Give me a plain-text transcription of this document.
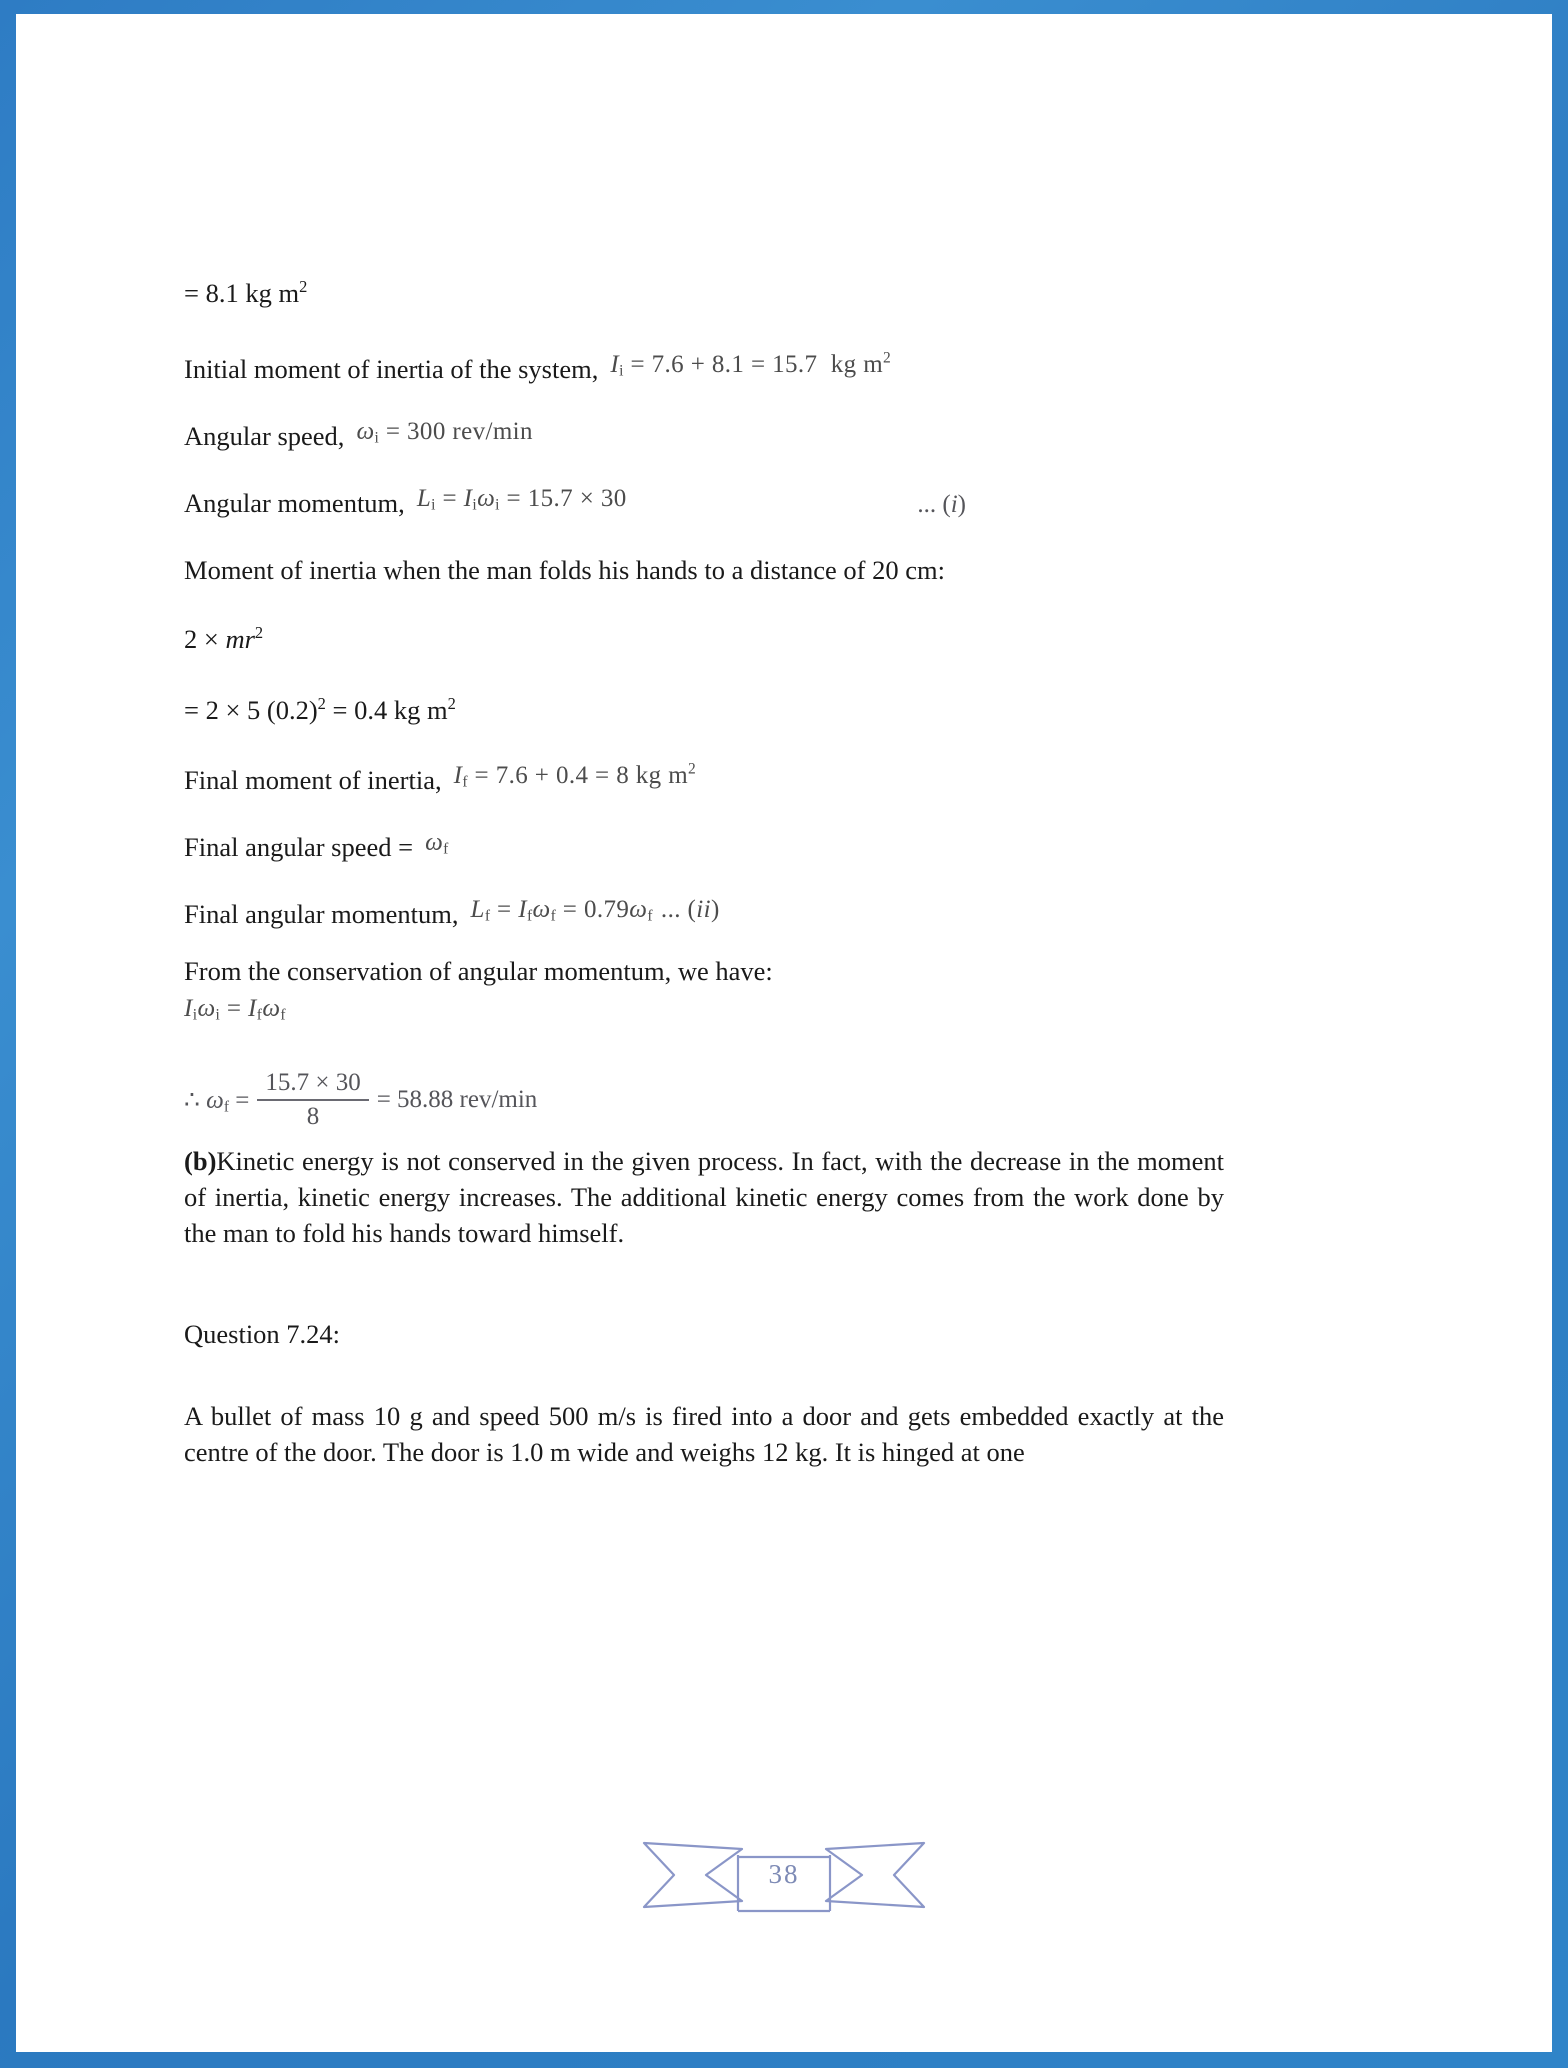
= 8.1 kg $m^2$
Initial moment of inertia of the system, $I_i = 7.6 + 8.1 = 15.7$  kg $m^2$
Angular speed, $\omega_i = 300$ rev/min
Angular momentum, $L_i = I_i\omega_i = 15.7 \times 30$	... (i)
Moment of inertia when the man folds his hands to a distance of 20 cm:
$2 \times mr^2$
= 2 × 5 $(0.2)^2 = 0.4$ kg $m^2$
Final moment of inertia, $I_f = 7.6 + 0.4 = 8$ kg $m^2$
Final angular speed = $\omega_f$
Final angular momentum, $L_f = I_f\omega_f = 0.79\omega_f$ ... (ii)
From the conservation of angular momentum, we have:
$I_i\omega_i = I_f\omega_f$
∴ $\omega_f = \frac{15.7 \times 30}{8} = 58.88$ rev/min
(b)Kinetic energy is not conserved in the given process. In fact, with the decrease in the moment of inertia, kinetic energy increases. The additional kinetic energy comes from the work done by the man to fold his hands toward himself.
Question 7.24:
A bullet of mass 10 g and speed 500 m/s is fired into a door and gets embedded exactly at the centre of the door. The door is 1.0 m wide and weighs 12 kg. It is hinged at one
38
